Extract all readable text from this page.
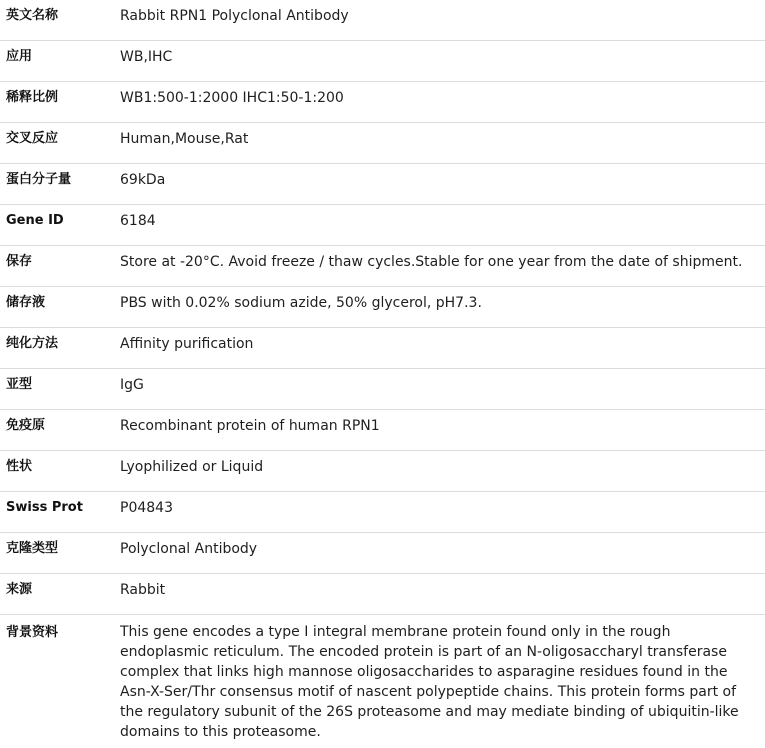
英文名称	Rabbit RPN1 Polyclonal Antibody
应用	WB,IHC
稀释比例	WB1:500-1:2000 IHC1:50-1:200
交叉反应	Human,Mouse,Rat
蛋白分子量	69kDa
Gene ID	6184
保存	Store at -20°C. Avoid freeze / thaw cycles.Stable for one year from the date of shipment.
储存液	PBS with 0.02% sodium azide, 50% glycerol, pH7.3.
纯化方法	Affinity purification
亚型	IgG
免疫原	Recombinant protein of human RPN1
性状	Lyophilized or Liquid
Swiss Prot	P04843
克隆类型	Polyclonal Antibody
来源	Rabbit
背景资料	This gene encodes a type I integral membrane protein found only in the rough endoplasmic reticulum. The encoded protein is part of an N-oligosaccharyl transferase complex that links high mannose oligosaccharides to asparagine residues found in the Asn-X-Ser/Thr consensus motif of nascent polypeptide chains. This protein forms part of the regulatory subunit of the 26S proteasome and may mediate binding of ubiquitin-like domains to this proteasome.
